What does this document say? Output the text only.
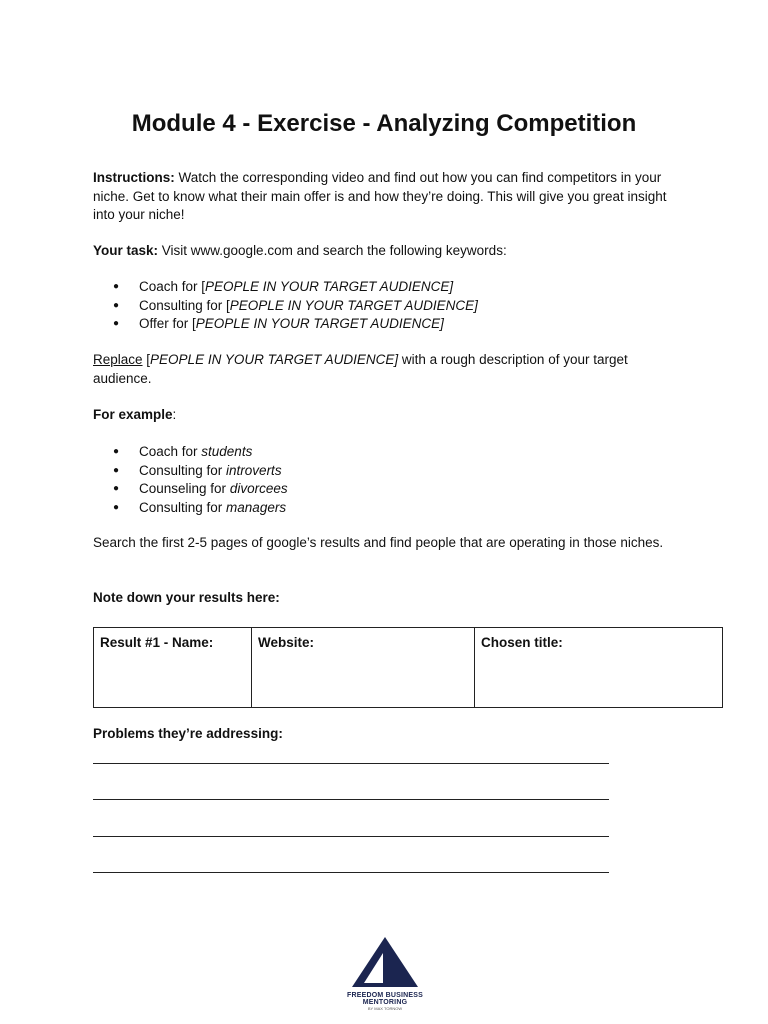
Module 4 - Exercise - Analyzing Competition

Instructions: Watch the corresponding video and find out how you can find competitors in your niche. Get to know what their main offer is and how they’re doing. This will give you great insight into your niche!

Your task: Visit www.google.com and search the following keywords:

● Coach for [PEOPLE IN YOUR TARGET AUDIENCE]
● Consulting for [PEOPLE IN YOUR TARGET AUDIENCE]
● Offer for [PEOPLE IN YOUR TARGET AUDIENCE]

Replace [PEOPLE IN YOUR TARGET AUDIENCE] with a rough description of your target audience.

For example:

● Coach for students
● Consulting for introverts
● Counseling for divorcees
● Consulting for managers

Search the first 2-5 pages of google’s results and find people that are operating in those niches.

Note down your results here:

Result #1 - Name:	Website:	Chosen title:

Problems they’re addressing:

FREEDOM BUSINESS MENTORING
BY MAX TORNOW
